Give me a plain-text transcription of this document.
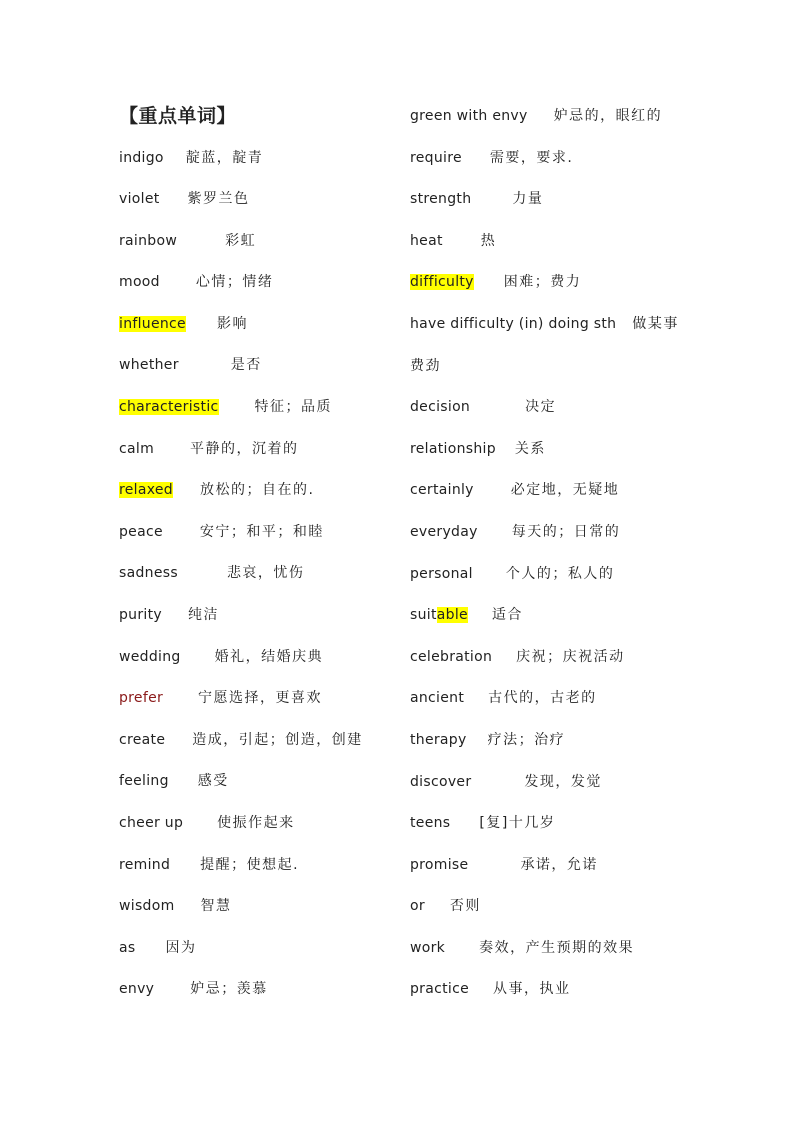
【重点单词】
indigo 靛蓝，靛青
violet 紫罗兰色
rainbow	彩虹
mood	心情；情绪
influence 影响
whether	是否
characteristic	特征；品质
calm	平静的，沉着的
relaxed 放松的；自在的.
peace	安宁；和平；和睦
sadness	悲哀，忧伤
purity 纯洁
wedding 婚礼，结婚庆典
prefer	宁愿选择，更喜欢
create 造成，引起；创造，创建
feeling 感受
cheer up 使振作起来
remind 提醒；使想起.
wisdom 智慧
as 因为
envy	妒忌；羡慕
green with envy 妒忌的，眼红的
require 需要，要求.
strength	力量
heat	热
difficulty 困难；费力
have difficulty (in) doing sth 做某事
费劲
decision	决定
relationship 关系
certainly	必定地，无疑地
everyday 每天的；日常的
personal 个人的；私人的
suitable 适合
celebration 庆祝；庆祝活动
ancient 古代的，古老的
therapy 疗法；治疗
discover	发现，发觉
teens [复]十几岁
promise	承诺，允诺
or 否则
work 奏效，产生预期的效果
practice 从事，执业
